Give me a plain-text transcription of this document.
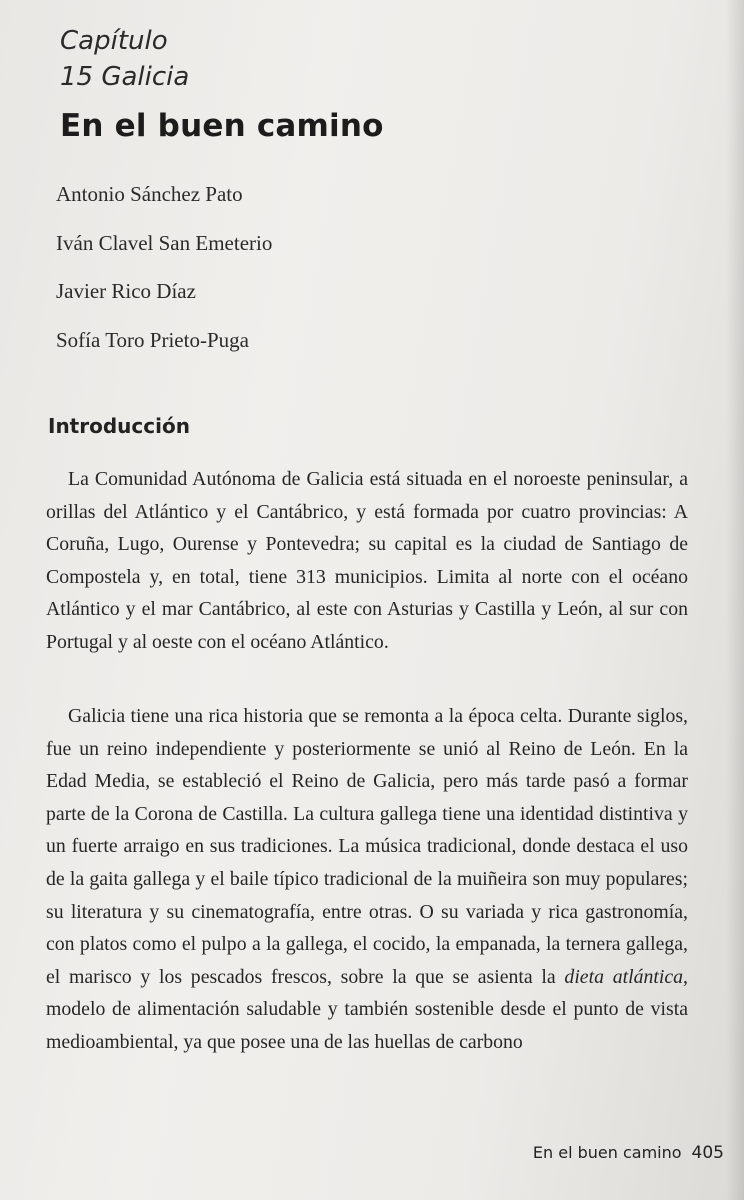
Capítulo

15 Galicia

En el buen camino
Antonio Sánchez Pato
Iván Clavel San Emeterio
Javier Rico Díaz
Sofía Toro Prieto-Puga
Introducción

La Comunidad Autónoma de Galicia está situada en el noroeste peninsular, a orillas del Atlántico y el Cantábrico, y está formada por cuatro provincias: A Coruña, Lugo, Ourense y Pontevedra; su capital es la ciudad de Santiago de Compostela y, en total, tiene 313 municipios. Limita al norte con el océano Atlántico y el mar Cantábrico, al este con Asturias y Castilla y León, al sur con Portugal y al oeste con el océano Atlántico.

Galicia tiene una rica historia que se remonta a la época celta. Durante siglos, fue un reino independiente y posteriormente se unió al Reino de León. En la Edad Media, se estableció el Reino de Galicia, pero más tarde pasó a formar parte de la Corona de Castilla. La cultura gallega tiene una identidad distintiva y un fuerte arraigo en sus tradiciones. La música tradicional, donde destaca el uso de la gaita gallega y el baile típico tradicional de la muiñeira son muy populares; su literatura y su cinematografía, entre otras. O su variada y rica gastronomía, con platos como el pulpo a la gallega, el cocido, la empanada, la ternera gallega, el marisco y los pescados frescos, sobre la que se asienta la dieta atlántica, modelo de alimentación saludable y también sostenible desde el punto de vista medioambiental, ya que posee una de las huellas de carbono

En el buen camino 405
